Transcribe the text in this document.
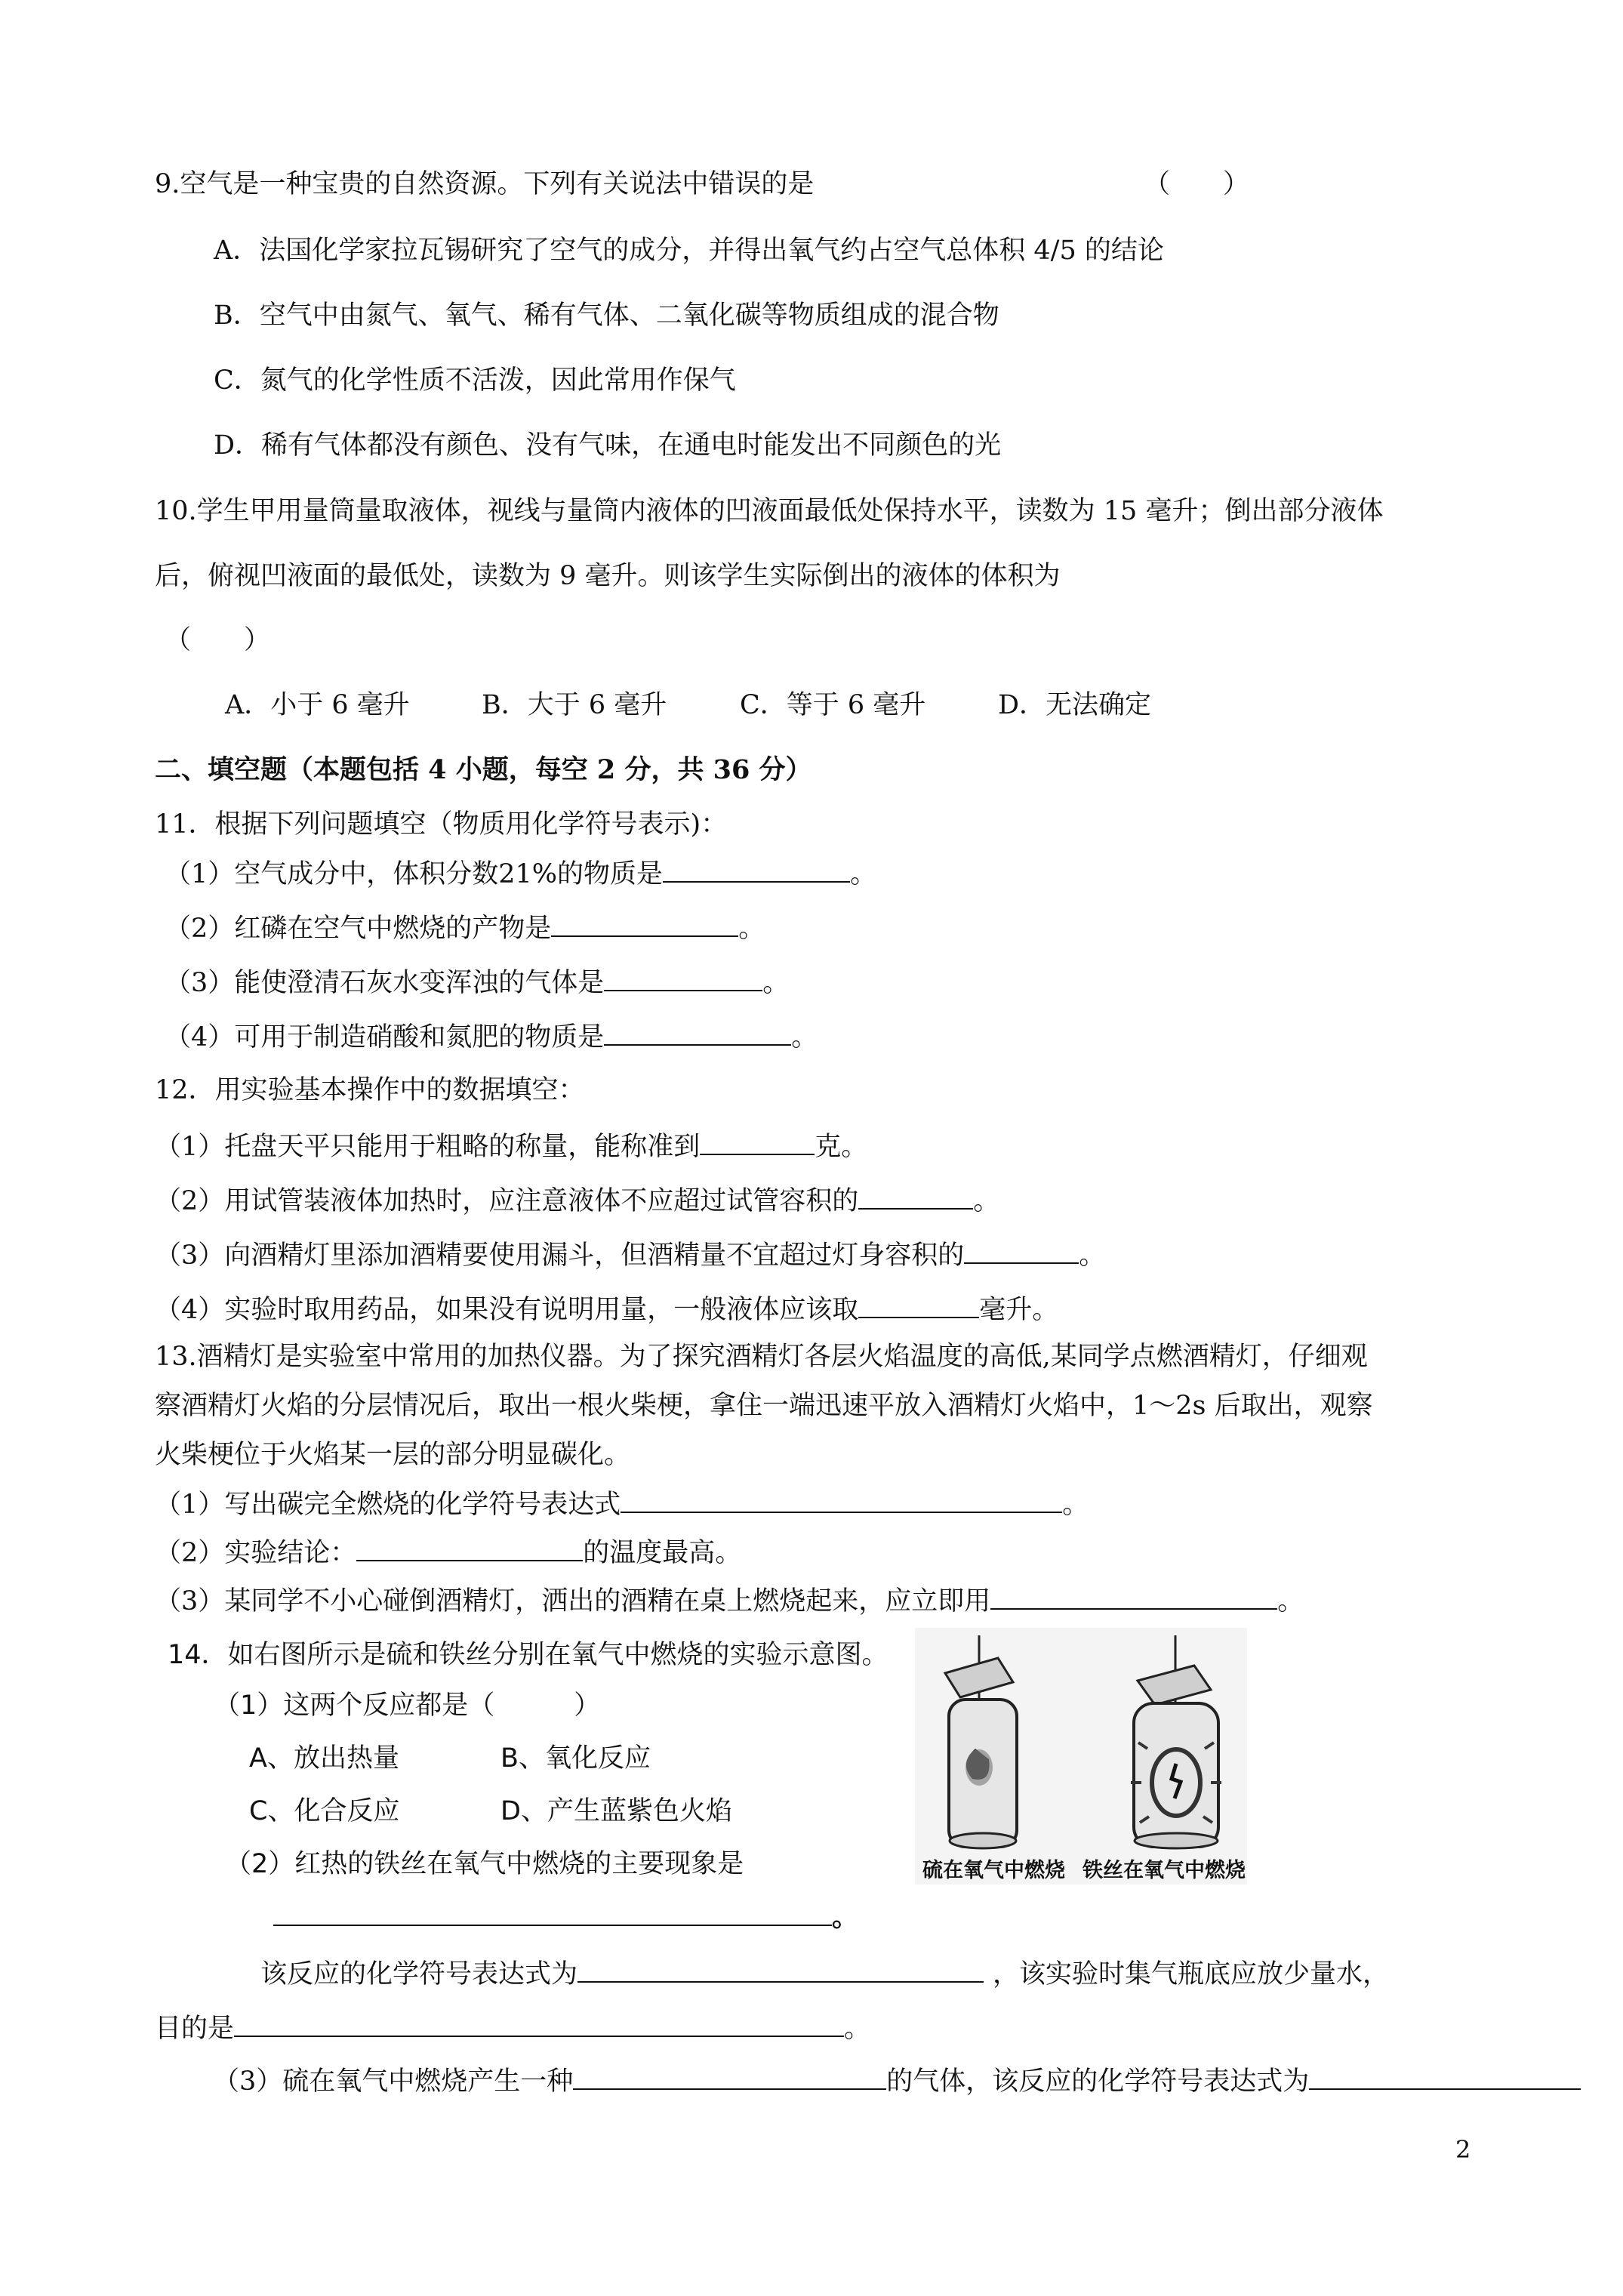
9.空气是一种宝贵的自然资源。下列有关说法中错误的是	（　　）
A．法国化学家拉瓦锡研究了空气的成分，并得出氧气约占空气总体积 4/5 的结论
B．空气中由氮气、氧气、稀有气体、二氧化碳等物质组成的混合物
C．氮气的化学性质不活泼，因此常用作保气
D．稀有气体都没有颜色、没有气味，在通电时能发出不同颜色的光
10.学生甲用量筒量取液体，视线与量筒内液体的凹液面最低处保持水平，读数为 15 毫升；倒出部分液体
后，俯视凹液面的最低处，读数为 9 毫升。则该学生实际倒出的液体的体积为
（　　）
A．小于 6 毫升	B．大于 6 毫升	C．等于 6 毫升	D．无法确定
二、填空题（本题包括 4 小题，每空 2 分，共 36 分）
11．根据下列问题填空（物质用化学符号表示)：
（1）空气成分中，体积分数21%的物质是	。
（2）红磷在空气中燃烧的产物是	。
（3）能使澄清石灰水变浑浊的气体是	。
（4）可用于制造硝酸和氮肥的物质是	。
12．用实验基本操作中的数据填空：
（1）托盘天平只能用于粗略的称量，能称准到	克。
（2）用试管装液体加热时，应注意液体不应超过试管容积的	。
（3）向酒精灯里添加酒精要使用漏斗，但酒精量不宜超过灯身容积的	。
（4）实验时取用药品，如果没有说明用量，一般液体应该取	毫升。
13.酒精灯是实验室中常用的加热仪器。为了探究酒精灯各层火焰温度的高低,某同学点燃酒精灯，仔细观
察酒精灯火焰的分层情况后，取出一根火柴梗，拿住一端迅速平放入酒精灯火焰中，1～2s 后取出，观察
火柴梗位于火焰某一层的部分明显碳化。
（1）写出碳完全燃烧的化学符号表达式	。
（2）实验结论：	的温度最高。
（3）某同学不小心碰倒酒精灯，洒出的酒精在桌上燃烧起来，应立即用	。
14．如右图所示是硫和铁丝分别在氧气中燃烧的实验示意图。
（1）这两个反应都是（　　　）
A、放出热量	B、氧化反应
C、化合反应	D、产生蓝紫色火焰
（2）红热的铁丝在氧气中燃烧的主要现象是
。
该反应的化学符号表达式为	，该实验时集气瓶底应放少量水，
目的是	。
（3）硫在氧气中燃烧产生一种	的气体，该反应的化学符号表达式为
硫在氧气中燃烧 铁丝在氧气中燃烧
2
